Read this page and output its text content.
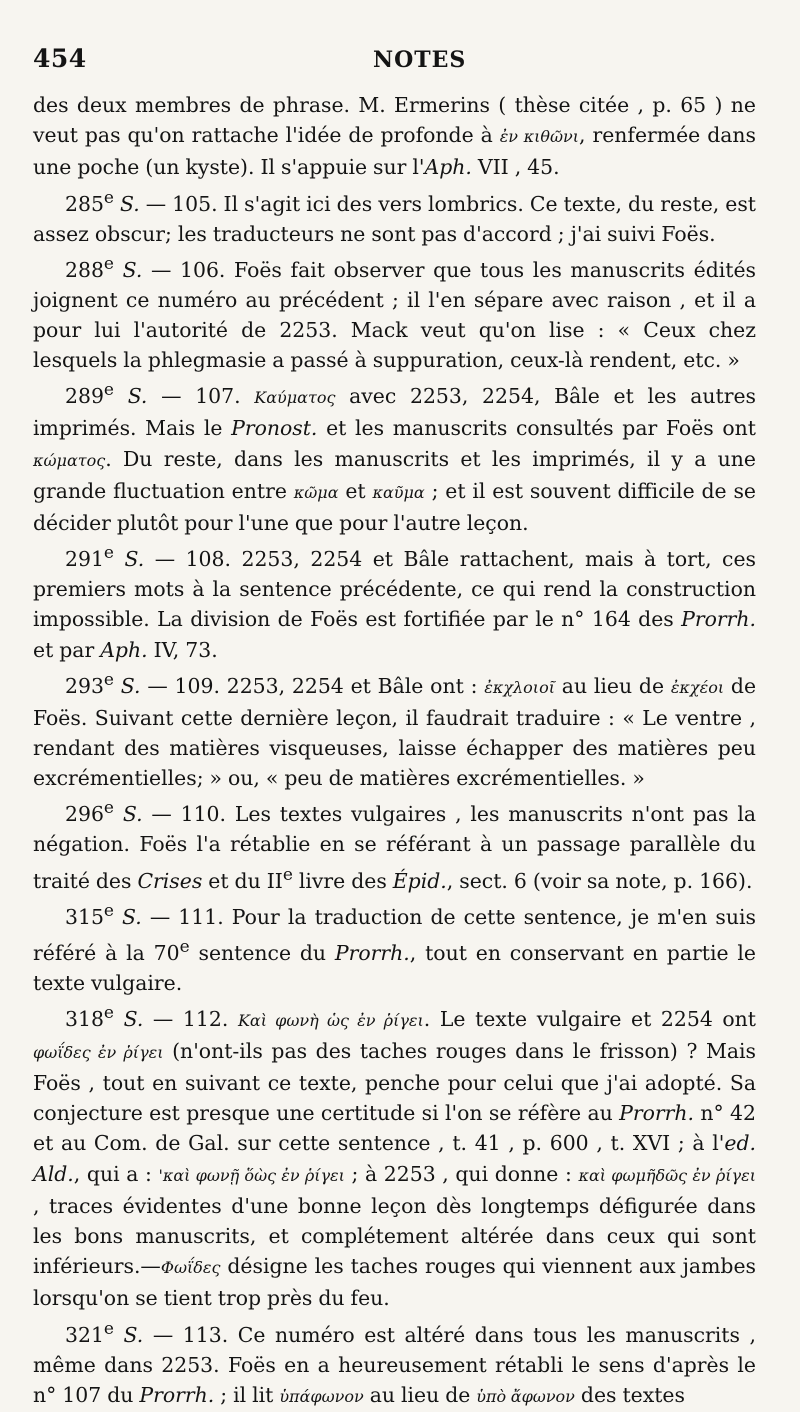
454	NOTES

des deux membres de phrase. M. Ermerins ( thèse citée , p. 65 ) ne veut pas qu'on rattache l'idée de profonde à ἐν κιθῶνι, renfermée dans une poche (un kyste). Il s'appuie sur l'Aph. VII , 45.

285e S. — 105. Il s'agit ici des vers lombrics. Ce texte, du reste, est assez obscur; les traducteurs ne sont pas d'accord ; j'ai suivi Foës.

288e S. — 106. Foës fait observer que tous les manuscrits édités joignent ce numéro au précédent ; il l'en sépare avec raison , et il a pour lui l'autorité de 2253. Mack veut qu'on lise : « Ceux chez lesquels la phlegmasie a passé à suppuration, ceux-là rendent, etc. »

289e S. — 107. Καύματος avec 2253, 2254, Bâle et les autres imprimés. Mais le Pronost. et les manuscrits consultés par Foës ont κώματος. Du reste, dans les manuscrits et les imprimés, il y a une grande fluctuation entre κῶμα et καῦμα ; et il est souvent difficile de se décider plutôt pour l'une que pour l'autre leçon.

291e S. — 108. 2253, 2254 et Bâle rattachent, mais à tort, ces premiers mots à la sentence précédente, ce qui rend la construction impossible. La division de Foës est fortifiée par le n° 164 des Prorrh. et par Aph. IV, 73.

293e S. — 109. 2253, 2254 et Bâle ont : ἐκχλοιοῖ au lieu de ἐκχέοι de Foës. Suivant cette dernière leçon, il faudrait traduire : « Le ventre , rendant des matières visqueuses, laisse échapper des matières peu excrémentielles; » ou, « peu de matières excrémentielles. »

296e S. — 110. Les textes vulgaires , les manuscrits n'ont pas la négation. Foës l'a rétablie en se référant à un passage parallèle du traité des Crises et du IIe livre des Épid., sect. 6 (voir sa note, p. 166).

315e S. — 111. Pour la traduction de cette sentence, je m'en suis référé à la 70e sentence du Prorrh., tout en conservant en partie le texte vulgaire.

318e S. — 112. Καὶ φωνὴ ὡς ἐν ῥίγει. Le texte vulgaire et 2254 ont φωΐδες ἐν ῥίγει (n'ont-ils pas des taches rouges dans le frisson) ? Mais Foës , tout en suivant ce texte, penche pour celui que j'ai adopté. Sa conjecture est presque une certitude si l'on se réfère au Prorrh. n° 42 et au Com. de Gal. sur cette sentence , t. 41 , p. 600 , t. XVI ; à l'ed. Ald., qui a : 'καὶ φωνῇ ὅὼς ἐν ῥίγει ; à 2253 , qui donne : καὶ φωμῆδῶς ἐν ῥίγει , traces évidentes d'une bonne leçon dès longtemps défigurée dans les bons manuscrits, et complétement altérée dans ceux qui sont inférieurs.—Φωΐδες désigne les taches rouges qui viennent aux jambes lorsqu'on se tient trop près du feu.

321e S. — 113. Ce numéro est altéré dans tous les manuscrits , même dans 2253. Foës en a heureusement rétabli le sens d'après le n° 107 du Prorrh. ; il lit ὑπάφωνον au lieu de ὑπὸ ἄφωνον des textes
